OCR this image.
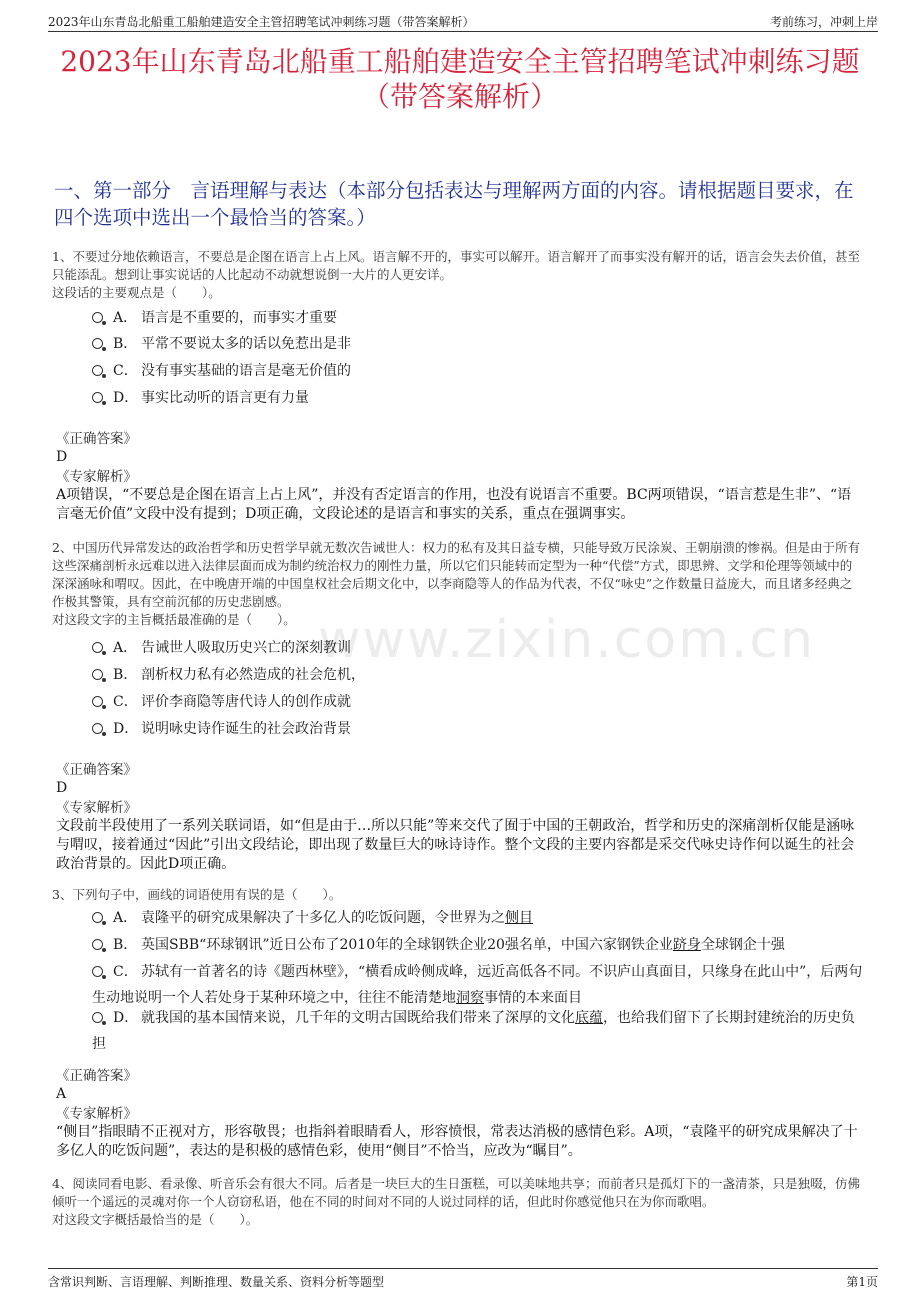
2023年山东青岛北船重工船舶建造安全主管招聘笔试冲刺练习题（带答案解析）	考前练习，冲刺上岸
2023年山东青岛北船重工船舶建造安全主管招聘笔试冲刺练习题（带答案解析）
一、第一部分　言语理解与表达（本部分包括表达与理解两方面的内容。请根据题目要求，在四个选项中选出一个最恰当的答案。）
www.zixin.com.cn
1、不要过分地依赖语言，不要总是企图在语言上占上风。语言解不开的，事实可以解开。语言解开了而事实没有解开的话，语言会失去价值，甚至只能添乱。想到让事实说话的人比起动不动就想说倒一大片的人更安详。
这段话的主要观点是（　　）。
A． 语言是不重要的，而事实才重要
B． 平常不要说太多的话以免惹出是非
C． 没有事实基础的语言是毫无价值的
D． 事实比动听的语言更有力量
《正确答案》
D
《专家解析》
A项错误，“不要总是企图在语言上占上风”，并没有否定语言的作用，也没有说语言不重要。BC两项错误，“语言惹是生非”、“语言毫无价值”文段中没有提到；D项正确，文段论述的是语言和事实的关系，重点在强调事实。
2、中国历代异常发达的政治哲学和历史哲学早就无数次告诫世人：权力的私有及其日益专横，只能导致万民涂炭、王朝崩溃的惨祸。但是由于所有这些深痛剖析永远难以进入法律层面而成为制约统治权力的刚性力量，所以它们只能转而定型为一种“代偿”方式，即思辨、文学和伦理等领域中的深深涵咏和喟叹。因此，在中晚唐开端的中国皇权社会后期文化中，以李商隐等人的作品为代表，不仅“咏史”之作数量日益庞大，而且诸多经典之作极其警策，具有空前沉郁的历史悲剧感。
对这段文字的主旨概括最准确的是（　　）。
A． 告诫世人吸取历史兴亡的深刻教训
B． 剖析权力私有必然造成的社会危机，
C． 评价李商隐等唐代诗人的创作成就
D． 说明咏史诗作诞生的社会政治背景
《正确答案》
D
《专家解析》
文段前半段使用了一系列关联词语，如“但是由于…所以只能”等来交代了囿于中国的王朝政治，哲学和历史的深痛剖析仅能是涵咏与喟叹，接着通过“因此”引出文段结论，即出现了数量巨大的咏诗诗作。整个文段的主要内容都是采交代咏史诗作何以诞生的社会政治背景的。因此D项正确。
3、下列句子中，画线的词语使用有误的是（　　）。
A． 袁隆平的研究成果解决了十多亿人的吃饭问题，令世界为之侧目
B． 英国SBB“环球钢讯”近日公布了2010年的全球钢铁企业20强名单，中国六家钢铁企业跻身全球钢企十强
C． 苏轼有一首著名的诗《题西林壁》，“横看成岭侧成峰，远近高低各不同。不识庐山真面目，只缘身在此山中”，后两句生动地说明一个人若处身于某种环境之中，往往不能清楚地洞察事情的本来面目
D． 就我国的基本国情来说，几千年的文明古国既给我们带来了深厚的文化底蕴，也给我们留下了长期封建统治的历史负担
《正确答案》
A
《专家解析》
“侧目”指眼睛不正视对方，形容敬畏；也指斜着眼睛看人，形容愤恨，常表达消极的感情色彩。A项，“袁隆平的研究成果解决了十多亿人的吃饭问题”，表达的是积极的感情色彩，使用“侧目”不恰当，应改为“瞩目”。
4、阅读同看电影、看录像、听音乐会有很大不同。后者是一块巨大的生日蛋糕，可以美味地共享；而前者只是孤灯下的一盏清茶，只是独啜，仿佛倾听一个遥远的灵魂对你一个人窃窃私语，他在不同的时间对不同的人说过同样的话，但此时你感觉他只在为你而歌唱。
对这段文字概括最恰当的是（　　）。
含常识判断、言语理解、判断推理、数量关系、资料分析等题型	第1页
